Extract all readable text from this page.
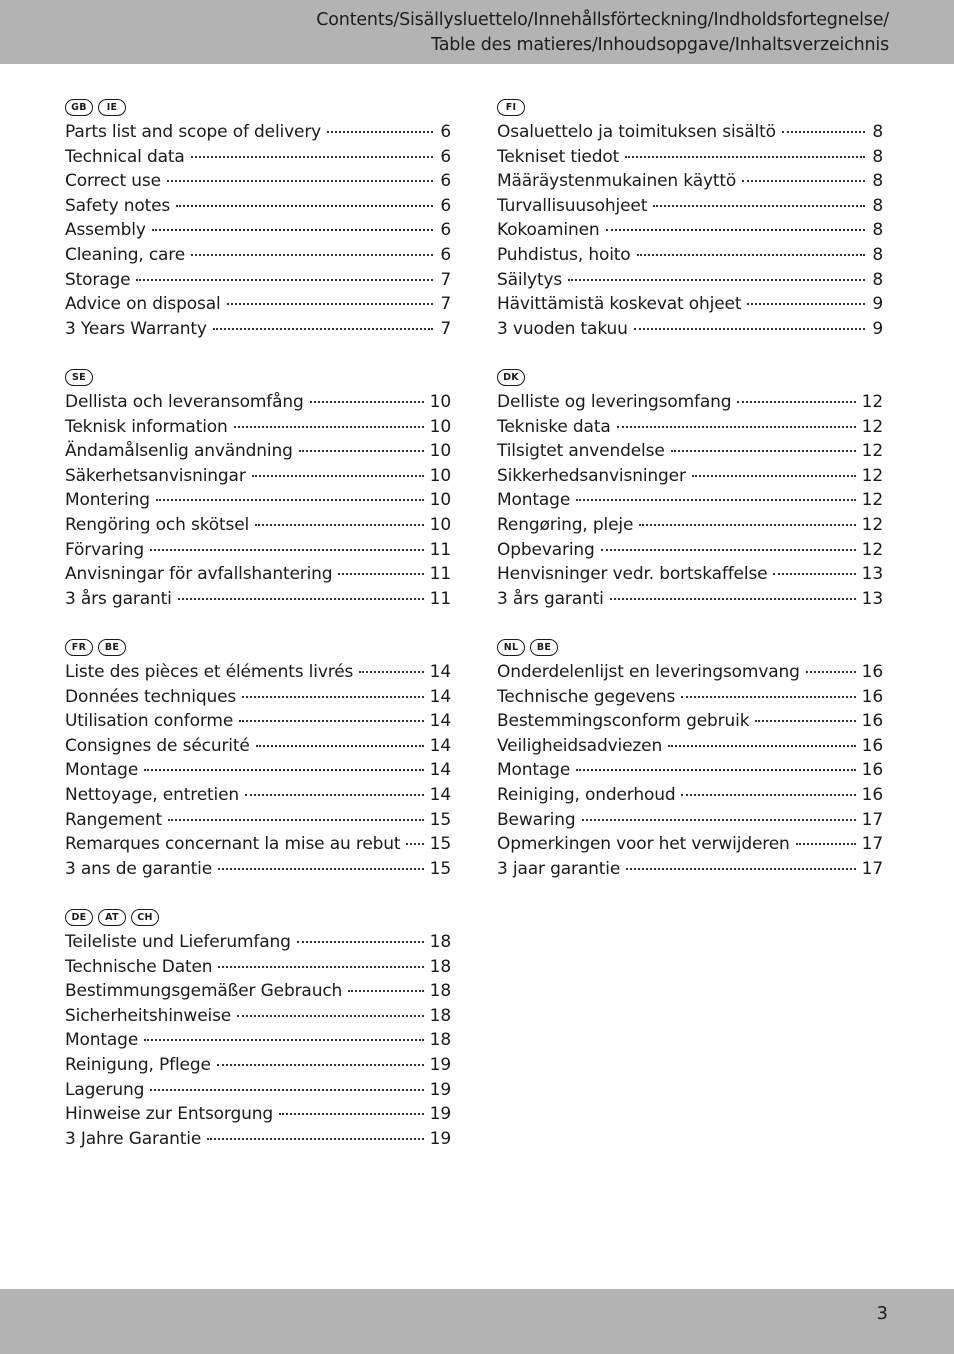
Contents/Sisällysluettelo/Innehållsförteckning/Indholdsfortegnelse/
Table des matieres/Inhoudsopgave/Inhaltsverzeichnis
GB	IE
Parts list and scope of delivery	6
Technical data	6
Correct use	6
Safety notes	6
Assembly	6
Cleaning, care	6
Storage	7
Advice on disposal	7
3 Years Warranty	7
FI
Osaluettelo ja toimituksen sisältö	8
Tekniset tiedot	8
Määräystenmukainen käyttö	8
Turvallisuusohjeet	8
Kokoaminen	8
Puhdistus, hoito	8
Säilytys	8
Hävittämistä koskevat ohjeet	9
3 vuoden takuu	9
SE
Dellista och leveransomfång	10
Teknisk information	10
Ändamålsenlig användning	10
Säkerhetsanvisningar	10
Montering	10
Rengöring och skötsel	10
Förvaring	11
Anvisningar för avfallshantering	11
3 års garanti	11
DK
Delliste og leveringsomfang	12
Tekniske data	12
Tilsigtet anvendelse	12
Sikkerhedsanvisninger	12
Montage	12
Rengøring, pleje	12
Opbevaring	12
Henvisninger vedr. bortskaffelse	13
3 års garanti	13
FR	BE
Liste des pièces et éléments livrés	14
Données techniques	14
Utilisation conforme	14
Consignes de sécurité	14
Montage	14
Nettoyage, entretien	14
Rangement	15
Remarques concernant la mise au rebut 15
3 ans de garantie	15
NL	BE
Onderdelenlijst en leveringsomvang	16
Technische gegevens	16
Bestemmingsconform gebruik	16
Veiligheidsadviezen	16
Montage	16
Reiniging, onderhoud	16
Bewaring	17
Opmerkingen voor het verwijderen	17
3 jaar garantie	17
DE	AT	CH
Teileliste und Lieferumfang	18
Technische Daten	18
Bestimmungsgemäßer Gebrauch	18
Sicherheitshinweise	18
Montage	18
Reinigung, Pflege	19
Lagerung	19
Hinweise zur Entsorgung	19
3 Jahre Garantie	19
3
